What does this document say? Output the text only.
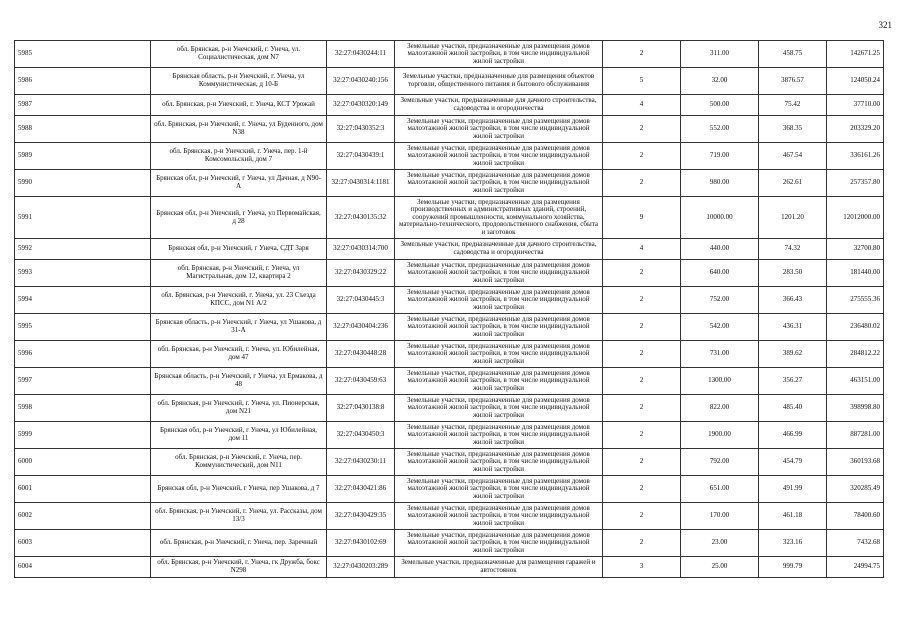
321
5985	обл. Брянская, р-н Унечский, г. Унеча, ул. Социалистическая, дом N7	32:27:0430244:11	Земельные участки, предназначенные для размещения домов малоэтажной жилой застройки, в том числе индивидуальной жилой застройки	2	311.00	458.75	142671.25
5986	Брянская область, р-н Унечский, г. Унеча, ул Коммунистическая, д 10-Б	32:27:0430240:156	Земельные участки, предназначенные для размещения объектов торговли, общественного питания и бытового обслуживания	5	32.00	3876.57	124050.24
5987	обл. Брянская, р-н Унечский, г. Унеча, КСТ Урожай	32:27:0430320:149	Земельные участки, предназначенные для дачного строительства, садоводства и огородничества	4	500.00	75.42	37710.00
5988	обл. Брянская, р-н Унечский, г. Унеча, ул Буденного, дом N38	32:27:0430352:3	Земельные участки, предназначенные для размещения домов малоэтажной жилой застройки, в том числе индивидуальной жилой застройки	2	552.00	368.35	203329.20
5989	обл. Брянская, р-н Унечский, г. Унеча, пер. 1-й Комсомольский, дом 7	32:27:0430439:1	Земельные участки, предназначенные для размещения домов малоэтажной жилой застройки, в том числе индивидуальной жилой застройки	2	719.00	467.54	336161.26
5990	Брянская обл, р-н Унечский, г Унеча, ул Дачная, д N90-А	32:27:0430314:1181	Земельные участки, предназначенные для размещения домов малоэтажной жилой застройки, в том числе индивидуальной жилой застройки	2	980.00	262.61	257357.80
5991	Брянская обл, р-н Унечский, г Унеча, ул Первомайская, д 28	32:27:0430135:32	Земельные участки, предназначенные для размещения производственных и административных зданий, строений, сооружений промышленности, коммунального хозяйства, материально-технического, продовольственного снабжения, сбыта и заготовок	9	10000.00	1201.20	12012000.00
5992	Брянская обл, р-н Унечский, г Унеча, СДТ Заря	32:27:0430314:700	Земельные участки, предназначенные для дачного строительства, садоводства и огородничества	4	440.00	74.32	32700.80
5993	обл. Брянская, р-н Унечский, г. Унеча, ул Магистральная, дом 12, квартира 2	32:27:0430329:22	Земельные участки, предназначенные для размещения домов малоэтажной жилой застройки, в том числе индивидуальной жилой застройки	2	640.00	283.50	181440.00
5994	обл. Брянская, р-н Унечский, г. Унеча, ул. 23 Съезда КПСС, дом N1 А/2	32:27:0430445:3	Земельные участки, предназначенные для размещения домов малоэтажной жилой застройки, в том числе индивидуальной жилой застройки	2	752.00	366.43	275555.36
5995	Брянская область, р-н Унечский, г Унеча, ул Ушакова, д 31-А	32:27:0430404:236	Земельные участки, предназначенные для размещения домов малоэтажной жилой застройки, в том числе индивидуальной жилой застройки	2	542.00	436.31	236480.02
5996	обл. Брянская, р-н Унечский, г. Унеча, ул. Юбилейная, дом 47	32:27:0430448:28	Земельные участки, предназначенные для размещения домов малоэтажной жилой застройки, в том числе индивидуальной жилой застройки	2	731.00	389.62	284812.22
5997	Брянская область, р-н Унечский, г Унеча, ул Ермакова, д 48	32:27:0430459:63	Земельные участки, предназначенные для размещения домов малоэтажной жилой застройки, в том числе индивидуальной жилой застройки	2	1300.00	356.27	463151.00
5998	обл. Брянская, р-н Унечский, г. Унеча, ул. Пионерская, дом N21	32:27:0430138:8	Земельные участки, предназначенные для размещения домов малоэтажной жилой застройки, в том числе индивидуальной жилой застройки	2	822.00	485.40	398998.80
5999	Брянская обл, р-н Унечский, г Унеча, ул Юбилейная, дом 11	32:27:0430450:3	Земельные участки, предназначенные для размещения домов малоэтажной жилой застройки, в том числе индивидуальной жилой застройки	2	1900.00	466.99	887281.00
6000	обл. Брянская, р-н Унечский, г. Унеча, пер. Коммунистический, дом N11	32:27:0430230:11	Земельные участки, предназначенные для размещения домов малоэтажной жилой застройки, в том числе индивидуальной жилой застройки	2	792.00	454.79	360193.68
6001	Брянская обл, р-н Унечский, г Унеча, пер Ушакова, д 7	32:27:0430421:86	Земельные участки, предназначенные для размещения домов малоэтажной жилой застройки, в том числе индивидуальной жилой застройки	2	651.00	491.99	320285.49
6002	обл. Брянская, р-н Унечский, г. Унеча, ул. Рассказы, дом 13/3	32:27:0430429:35	Земельные участки, предназначенные для размещения домов малоэтажной жилой застройки, в том числе индивидуальной жилой застройки	2	170.00	461.18	78400.60
6003	обл. Брянская, р-н Унечский, г. Унеча, пер. Заречный	32:27:0430102:69	Земельные участки, предназначенные для размещения домов малоэтажной жилой застройки, в том числе индивидуальной жилой застройки	2	23.00	323.16	7432.68
6004	обл. Брянская, р-н Унечский, г. Унеча, гк Дружба, бокс N298	32:27:0430203:289	Земельные участки, предназначенные для размещения гаражей и автостоянок	3	25.00	999.79	24994.75
